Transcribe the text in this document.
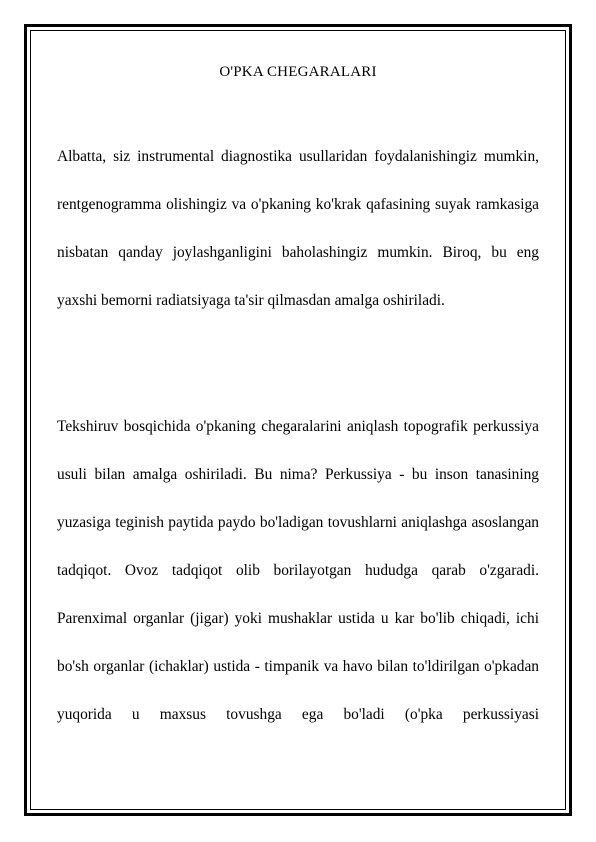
O'PKA CHEGARALARI

Albatta, siz instrumental diagnostika usullaridan foydalanishingiz mumkin, rentgenogramma olishingiz va o'pkaning ko'krak qafasining suyak ramkasiga nisbatan qanday joylashganligini baholashingiz mumkin. Biroq, bu eng yaxshi bemorni radiatsiyaga ta'sir qilmasdan amalga oshiriladi.

Tekshiruv bosqichida o'pkaning chegaralarini aniqlash topografik perkussiya usuli bilan amalga oshiriladi. Bu nima? Perkussiya - bu inson tanasining yuzasiga teginish paytida paydo bo'ladigan tovushlarni aniqlashga asoslangan tadqiqot. Ovoz tadqiqot olib borilayotgan hududga qarab o'zgaradi. Parenximal organlar (jigar) yoki mushaklar ustida u kar bo'lib chiqadi, ichi bo'sh organlar (ichaklar) ustida - timpanik va havo bilan to'ldirilgan o'pkadan yuqorida u maxsus tovushga ega bo'ladi (o'pka perkussiyasi
